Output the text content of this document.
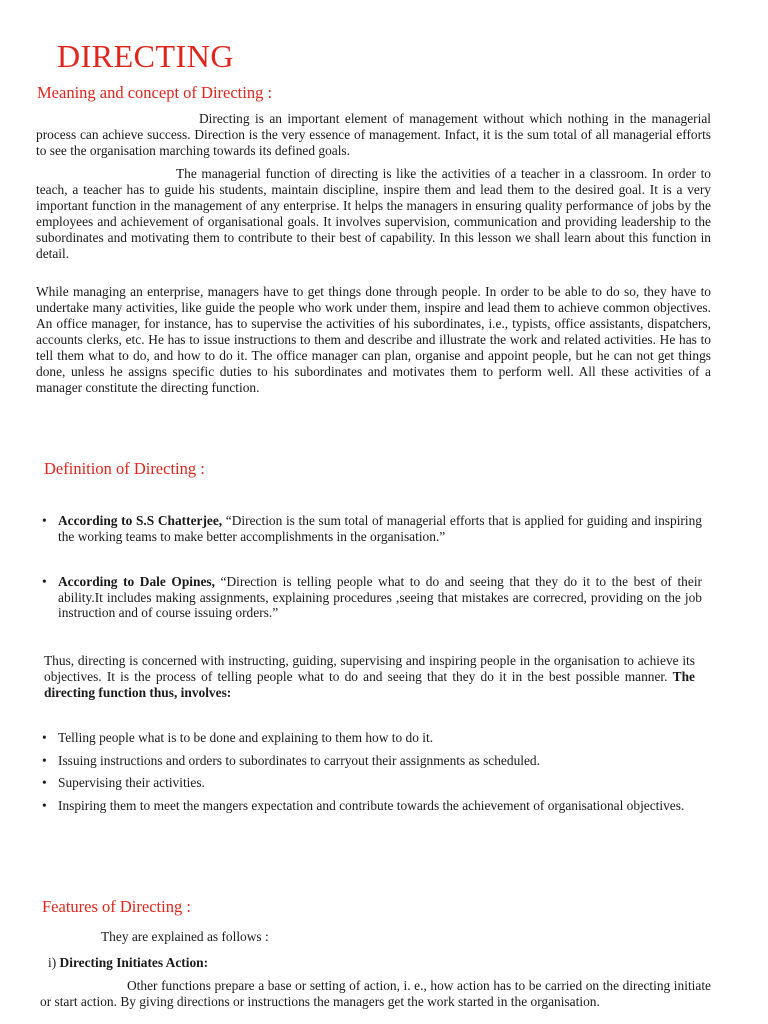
DIRECTING
Meaning and concept of Directing :

Directing is an important element of management without which nothing in the managerial process can achieve success. Direction is the very essence of management. Infact, it is the sum total of all managerial efforts to see the organisation marching towards its defined goals.

The managerial function of directing is like the activities of a teacher in a classroom. In order to teach, a teacher has to guide his students, maintain discipline, inspire them and lead them to the desired goal. It is a very important function in the management of any enterprise. It helps the managers in ensuring quality performance of jobs by the employees and achievement of organisational goals. It involves supervision, communication and providing leadership to the subordinates and motivating them to contribute to their best of capability. In this lesson we shall learn about this function in detail.

While managing an enterprise, managers have to get things done through people. In order to be able to do so, they have to undertake many activities, like guide the people who work under them, inspire and lead them to achieve common objectives. An office manager, for instance, has to supervise the activities of his subordinates, i.e., typists, office assistants, dispatchers, accounts clerks, etc. He has to issue instructions to them and describe and illustrate the work and related activities. He has to tell them what to do, and how to do it. The office manager can plan, organise and appoint people, but he can not get things done, unless he assigns specific duties to his subordinates and motivates them to perform well. All these activities of a manager constitute the directing function.

Definition of Directing :
• According to S.S Chatterjee, “Direction is the sum total of managerial efforts that is applied for guiding and inspiring the working teams to make better accomplishments in the organisation.”
• According to Dale Opines, “Direction is telling people what to do and seeing that they do it to the best of their ability.It includes making assignments, explaining procedures ,seeing that mistakes are correcred, providing on the job instruction and of course issuing orders.”

Thus, directing is concerned with instructing, guiding, supervising and inspiring people in the organisation to achieve its objectives. It is the process of telling people what to do and seeing that they do it in the best possible manner. The directing function thus, involves:

• Telling people what is to be done and explaining to them how to do it.
• Issuing instructions and orders to subordinates to carryout their assignments as scheduled.
• Supervising their activities.
• Inspiring them to meet the mangers expectation and contribute towards the achievement of organisational objectives.
Features of Directing :

They are explained as follows :

i) Directing Initiates Action:

Other functions prepare a base or setting of action, i. e., how action has to be carried on the directing initiate or start action. By giving directions or instructions the managers get the work started in the organisation.
